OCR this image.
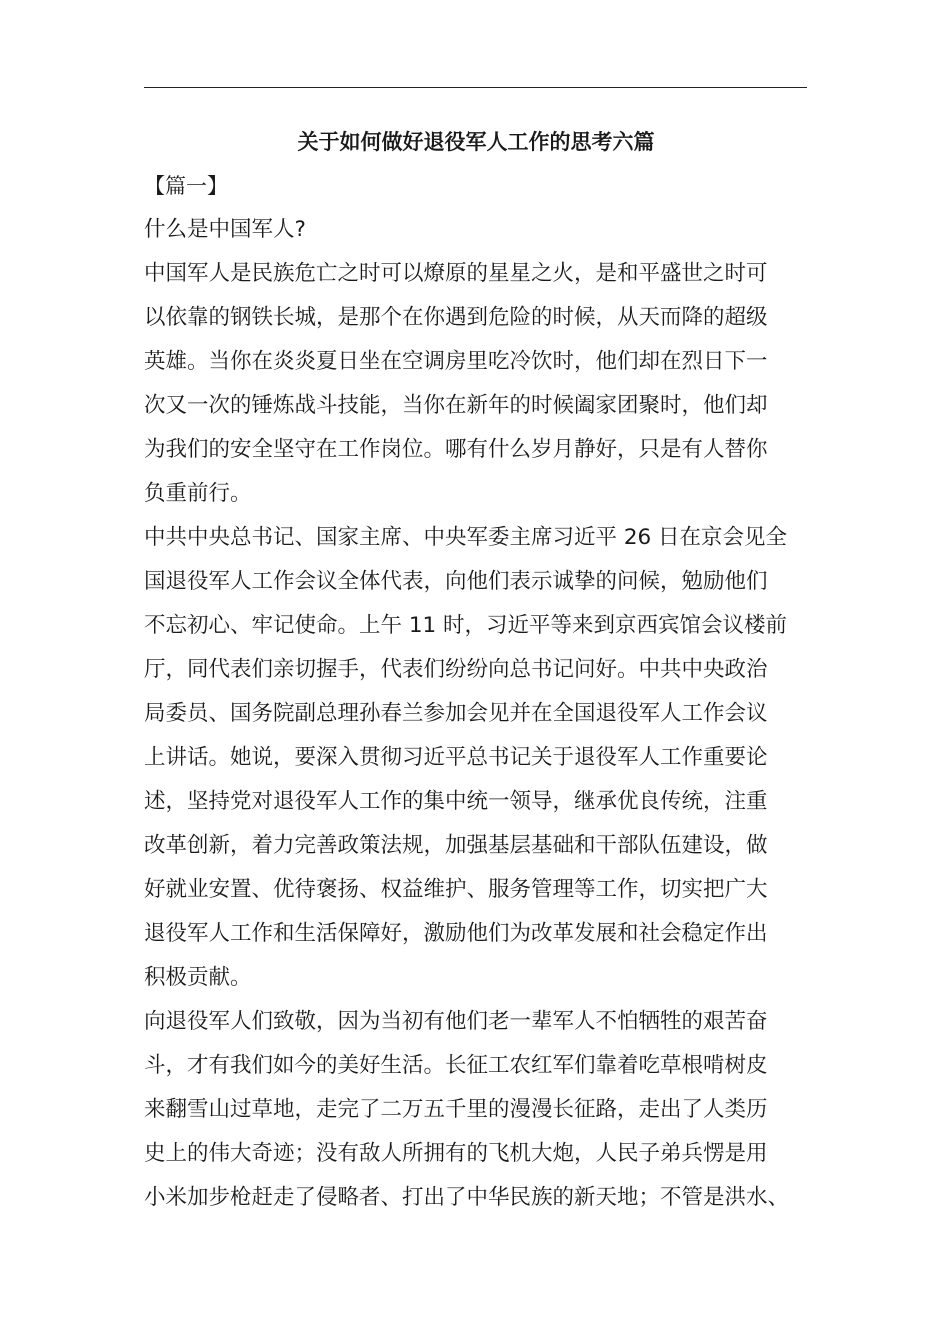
关于如何做好退役军人工作的思考六篇
【篇一】
什么是中国军人?
中国军人是民族危亡之时可以燎原的星星之火，是和平盛世之时可
以依靠的钢铁长城，是那个在你遇到危险的时候，从天而降的超级
英雄。当你在炎炎夏日坐在空调房里吃冷饮时，他们却在烈日下一
次又一次的锤炼战斗技能，当你在新年的时候阖家团聚时，他们却
为我们的安全坚守在工作岗位。哪有什么岁月静好，只是有人替你
负重前行。
中共中央总书记、国家主席、中央军委主席习近平 26 日在京会见全
国退役军人工作会议全体代表，向他们表示诚挚的问候，勉励他们
不忘初心、牢记使命。上午 11 时，习近平等来到京西宾馆会议楼前
厅，同代表们亲切握手，代表们纷纷向总书记问好。中共中央政治
局委员、国务院副总理孙春兰参加会见并在全国退役军人工作会议
上讲话。她说，要深入贯彻习近平总书记关于退役军人工作重要论
述，坚持党对退役军人工作的集中统一领导，继承优良传统，注重
改革创新，着力完善政策法规，加强基层基础和干部队伍建设，做
好就业安置、优待褒扬、权益维护、服务管理等工作，切实把广大
退役军人工作和生活保障好，激励他们为改革发展和社会稳定作出
积极贡献。
向退役军人们致敬，因为当初有他们老一辈军人不怕牺牲的艰苦奋
斗，才有我们如今的美好生活。长征工农红军们靠着吃草根啃树皮
来翻雪山过草地，走完了二万五千里的漫漫长征路，走出了人类历
史上的伟大奇迹；没有敌人所拥有的飞机大炮，人民子弟兵愣是用
小米加步枪赶走了侵略者、打出了中华民族的新天地；不管是洪水、
